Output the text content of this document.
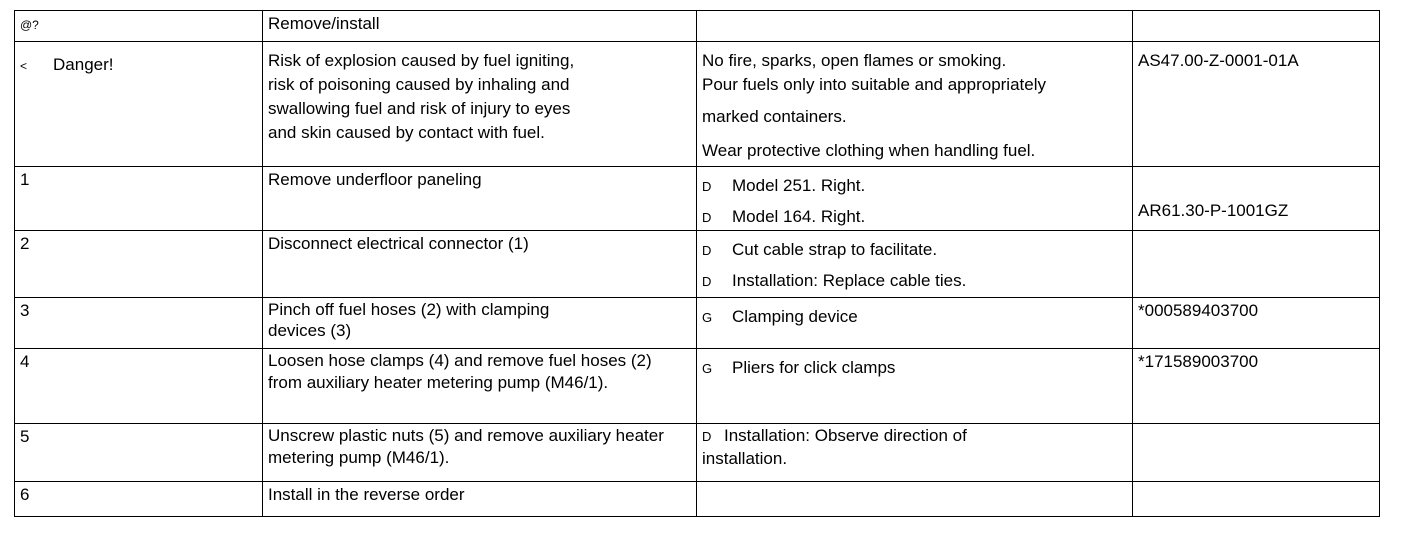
@?	Remove/install		

< Danger!	Risk of explosion caused by fuel igniting,
risk of poisoning caused by inhaling and
swallowing fuel and risk of injury to eyes
and skin caused by contact with fuel.	No fire, sparks, open flames or smoking.
Pour fuels only into suitable and appropriately
marked containers.
Wear protective clothing when handling fuel.	AS47.00-Z-0001-01A

1	Remove underfloor paneling	D Model 251. Right.
D Model 164. Right.	AR61.30-P-1001GZ

2	Disconnect electrical connector (1)	D Cut cable strap to facilitate.
D Installation: Replace cable ties.	

3	Pinch off fuel hoses (2) with clamping devices (3)	G Clamping device	*000589403700

4	Loosen hose clamps (4) and remove fuel hoses (2) from auxiliary heater metering pump (M46/1).	G Pliers for click clamps	*171589003700

5	Unscrew plastic nuts (5) and remove auxiliary heater metering pump (M46/1).	D Installation: Observe direction of installation.	

6	Install in the reverse order		
